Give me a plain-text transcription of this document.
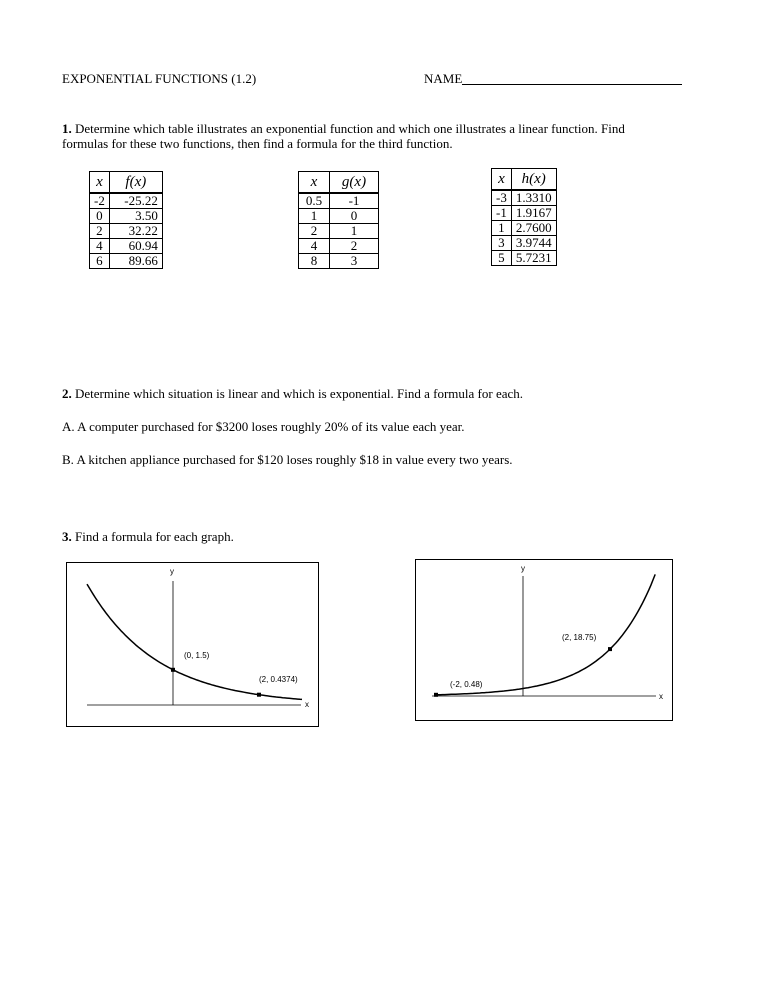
EXPONENTIAL FUNCTIONS (1.2)	NAME
1. Determine which table illustrates an exponential function and which one illustrates a linear function. Find
formulas for these two functions, then find a formula for the third function.
x	f(x)
-2	-25.22
0	3.50
2	32.22
4	60.94
6	89.66
x	g(x)
0.5	-1
1	0
2	1
4	2
8	3
x	h(x)
-3	1.3310
-1	1.9167
1	2.7600
3	3.9744
5	5.7231
2. Determine which situation is linear and which is exponential. Find a formula for each.
A. A computer purchased for $3200 loses roughly 20% of its value each year.
B. A kitchen appliance purchased for $120 loses roughly $18 in value every two years.
3. Find a formula for each graph.
y
x
(0, 1.5)
(2, 0.4374)
y
x
(-2, 0.48)
(2, 18.75)
